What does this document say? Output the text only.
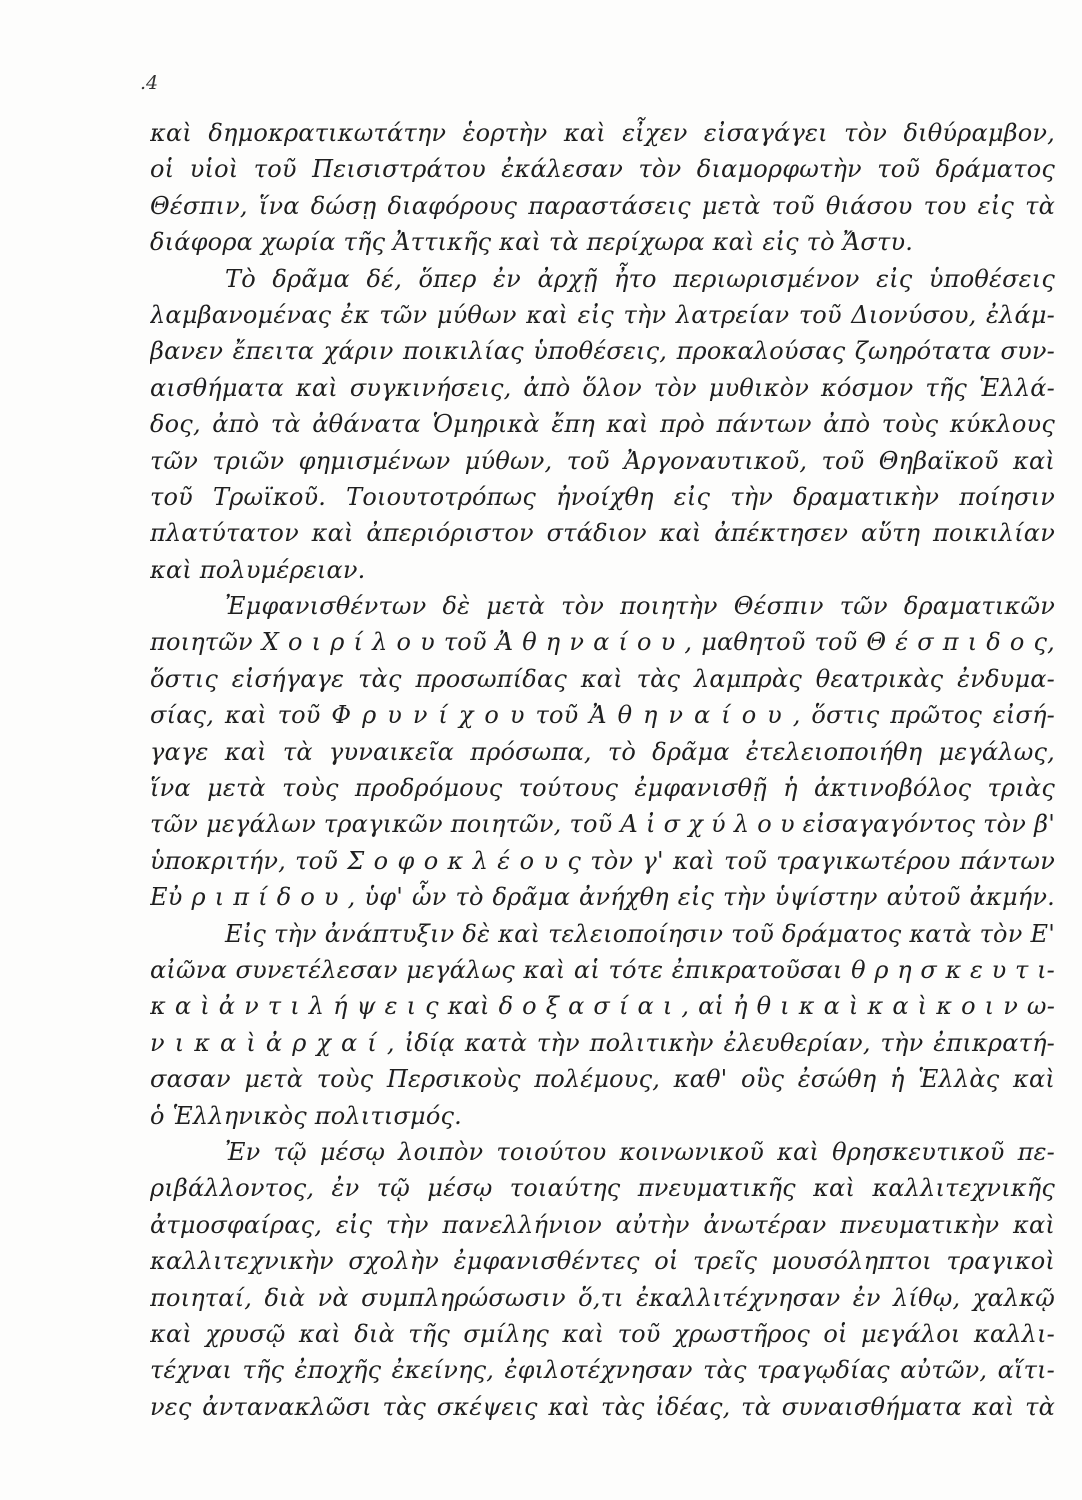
.4
καὶ δημοκρατικωτάτην ἑορτὴν καὶ εἶχεν εἰσαγάγει τὸν διθύραμβον,
οἱ υἱοὶ τοῦ Πεισιστράτου ἐκάλεσαν τὸν διαμορφωτὴν τοῦ δράματος
Θέσπιν, ἵνα δώσῃ διαφόρους παραστάσεις μετὰ τοῦ θιάσου του εἰς τὰ
διάφορα χωρία τῆς Ἀττικῆς καὶ τὰ περίχωρα καὶ εἰς τὸ Ἄστυ.
Τὸ δρᾶμα δέ, ὅπερ ἐν ἀρχῇ ἦτο περιωρισμένον εἰς ὑποθέσεις
λαμβανομένας ἐκ τῶν μύθων καὶ εἰς τὴν λατρείαν τοῦ Διονύσου, ἐλάμ-
βανεν ἔπειτα χάριν ποικιλίας ὑποθέσεις, προκαλούσας ζωηρότατα συν-
αισθήματα καὶ συγκινήσεις, ἀπὸ ὅλον τὸν μυθικὸν κόσμον τῆς Ἑλλά-
δος, ἀπὸ τὰ ἀθάνατα Ὁμηρικὰ ἔπη καὶ πρὸ πάντων ἀπὸ τοὺς κύκλους
τῶν τριῶν φημισμένων μύθων, τοῦ Ἀργοναυτικοῦ, τοῦ Θηβαϊκοῦ καὶ
τοῦ Τρωϊκοῦ. Τοιουτοτρόπως ἠνοίχθη εἰς τὴν δραματικὴν ποίησιν
πλατύτατον καὶ ἀπεριόριστον στάδιον καὶ ἀπέκτησεν αὕτη ποικιλίαν
καὶ πολυμέρειαν.
Ἐμφανισθέντων δὲ μετὰ τὸν ποιητὴν Θέσπιν τῶν δραματικῶν
ποιητῶν Χ ο ι ρ ί λ ο υ τοῦ Ἀ θ η ν α ί ο υ , μαθητοῦ τοῦ Θ έ σ π ι δ ο ς,
ὅστις εἰσήγαγε τὰς προσωπίδας καὶ τὰς λαμπρὰς θεατρικὰς ἐνδυμα-
σίας, καὶ τοῦ Φ ρ υ ν ί χ ο υ τοῦ Ἀ θ η ν α ί ο υ , ὅστις πρῶτος εἰσή-
γαγε καὶ τὰ γυναικεῖα πρόσωπα, τὸ δρᾶμα ἐτελειοποιήθη μεγάλως,
ἵνα μετὰ τοὺς προδρόμους τούτους ἐμφανισθῇ ἡ ἀκτινοβόλος τριὰς
τῶν μεγάλων τραγικῶν ποιητῶν, τοῦ Α ἰ σ χ ύ λ ο υ εἰσαγαγόντος τὸν β'
ὑποκριτήν, τοῦ Σ ο φ ο κ λ έ ο υ ς τὸν γ' καὶ τοῦ τραγικωτέρου πάντων
Εὐ ρ ι π ί δ ο υ , ὑφ' ὧν τὸ δρᾶμα ἀνήχθη εἰς τὴν ὑψίστην αὐτοῦ ἀκμήν.
Εἰς τὴν ἀνάπτυξιν δὲ καὶ τελειοποίησιν τοῦ δράματος κατὰ τὸν Ε'
αἰῶνα συνετέλεσαν μεγάλως καὶ αἱ τότε ἐπικρατοῦσαι θ ρ η σ κ ε υ τ ι-
κ α ὶ ἀ ν τ ι λ ή ψ ε ι ς καὶ δ ο ξ α σ ί α ι , αἱ ἠ θ ι κ α ὶ κ α ὶ κ ο ι ν ω-
ν ι κ α ὶ ἀ ρ χ α ί , ἰδίᾳ κατὰ τὴν πολιτικὴν ἐλευθερίαν, τὴν ἐπικρατή-
σασαν μετὰ τοὺς Περσικοὺς πολέμους, καθ' οὓς ἐσώθη ἡ Ἑλλὰς καὶ
ὁ Ἑλληνικὸς πολιτισμός.
Ἐν τῷ μέσῳ λοιπὸν τοιούτου κοινωνικοῦ καὶ θρησκευτικοῦ πε-
ριβάλλοντος, ἐν τῷ μέσῳ τοιαύτης πνευματικῆς καὶ καλλιτεχνικῆς
ἀτμοσφαίρας, εἰς τὴν πανελλήνιον αὐτὴν ἀνωτέραν πνευματικὴν καὶ
καλλιτεχνικὴν σχολὴν ἐμφανισθέντες οἱ τρεῖς μουσόληπτοι τραγικοὶ
ποιηταί, διὰ νὰ συμπληρώσωσιν ὅ,τι ἐκαλλιτέχνησαν ἐν λίθῳ, χαλκῷ
καὶ χρυσῷ καὶ διὰ τῆς σμίλης καὶ τοῦ χρωστῆρος οἱ μεγάλοι καλλι-
τέχναι τῆς ἐποχῆς ἐκείνης, ἐφιλοτέχνησαν τὰς τραγῳδίας αὐτῶν, αἵτι-
νες ἀντανακλῶσι τὰς σκέψεις καὶ τὰς ἰδέας, τὰ συναισθήματα καὶ τὰ
